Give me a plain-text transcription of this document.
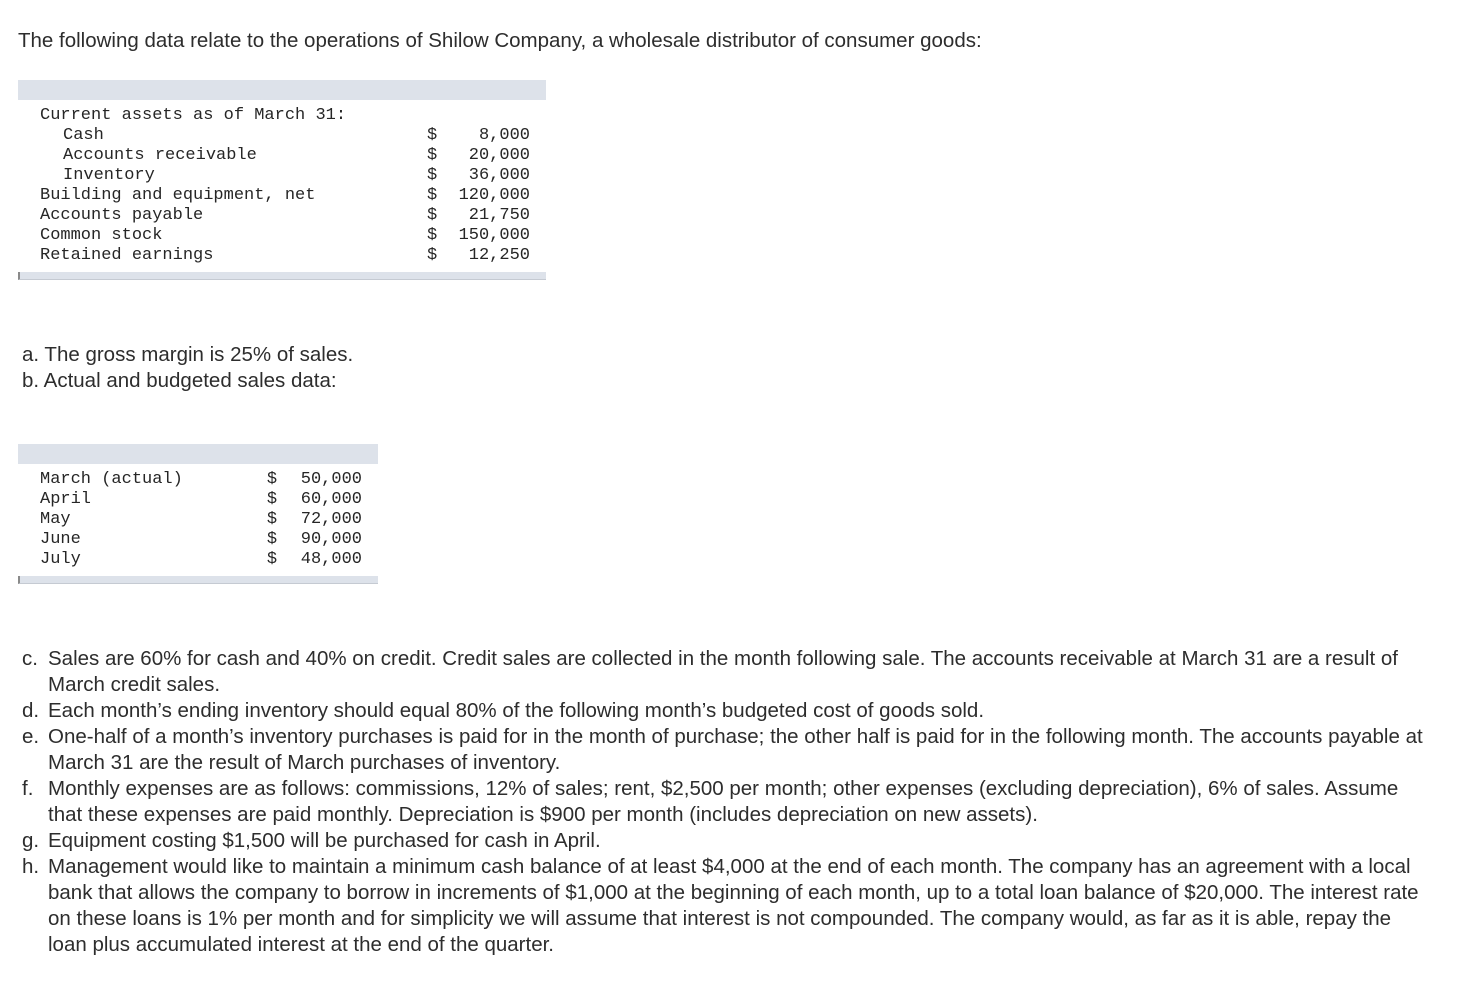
The following data relate to the operations of Shilow Company, a wholesale distributor of consumer goods:
Current assets as of March 31:		
Cash	$	8,000
Accounts receivable	$	20,000
Inventory	$	36,000
Building and equipment, net	$	120,000
Accounts payable	$	21,750
Common stock	$	150,000
Retained earnings	$	12,250
a. The gross margin is 25% of sales.
b. Actual and budgeted sales data:
March (actual)	$	50,000
April	$	60,000
May	$	72,000
June	$	90,000
July	$	48,000
c. Sales are 60% for cash and 40% on credit. Credit sales are collected in the month following sale. The accounts receivable at March 31 are a result of March credit sales.
d. Each month’s ending inventory should equal 80% of the following month’s budgeted cost of goods sold.
e. One-half of a month’s inventory purchases is paid for in the month of purchase; the other half is paid for in the following month. The accounts payable at March 31 are the result of March purchases of inventory.
f. Monthly expenses are as follows: commissions, 12% of sales; rent, $2,500 per month; other expenses (excluding depreciation), 6% of sales. Assume that these expenses are paid monthly. Depreciation is $900 per month (includes depreciation on new assets).
g. Equipment costing $1,500 will be purchased for cash in April.
h. Management would like to maintain a minimum cash balance of at least $4,000 at the end of each month. The company has an agreement with a local bank that allows the company to borrow in increments of $1,000 at the beginning of each month, up to a total loan balance of $20,000. The interest rate on these loans is 1% per month and for simplicity we will assume that interest is not compounded. The company would, as far as it is able, repay the loan plus accumulated interest at the end of the quarter.
